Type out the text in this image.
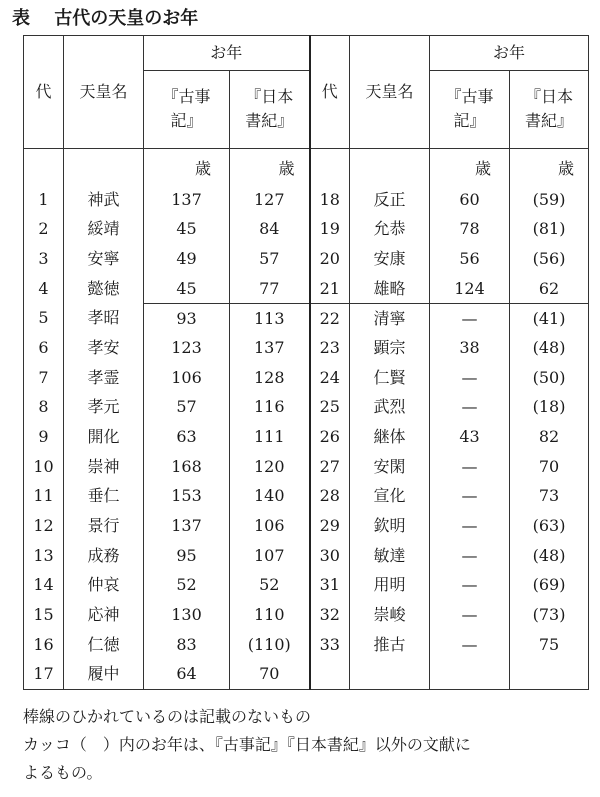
表　 古代の天皇のお年
代	天皇名	お年		代	天皇名	お年	
		『古事記』	『日本書紀』			『古事記』	『日本書紀』
		歳	歳			歳	歳
1	神武	137	127	18	反正	60	(59)
2	綏靖	45	84	19	允恭	78	(81)
3	安寧	49	57	20	安康	56	(56)
4	懿徳	45	77	21	雄略	124	62
5	孝昭	93	113	22	清寧	—	(41)
6	孝安	123	137	23	顕宗	38	(48)
7	孝霊	106	128	24	仁賢	—	(50)
8	孝元	57	116	25	武烈	—	(18)
9	開化	63	111	26	継体	43	82
10	崇神	168	120	27	安閑	—	70
11	垂仁	153	140	28	宣化	—	73
12	景行	137	106	29	欽明	—	(63)
13	成務	95	107	30	敏達	—	(48)
14	仲哀	52	52	31	用明	—	(69)
15	応神	130	110	32	崇峻	—	(73)
16	仁徳	83	(110)	33	推古	—	75
17	履中	64	70				
棒線のひかれているのは記載のないもの
カッコ（　）内のお年は、『古事記』『日本書紀』以外の文献に
よるもの。
